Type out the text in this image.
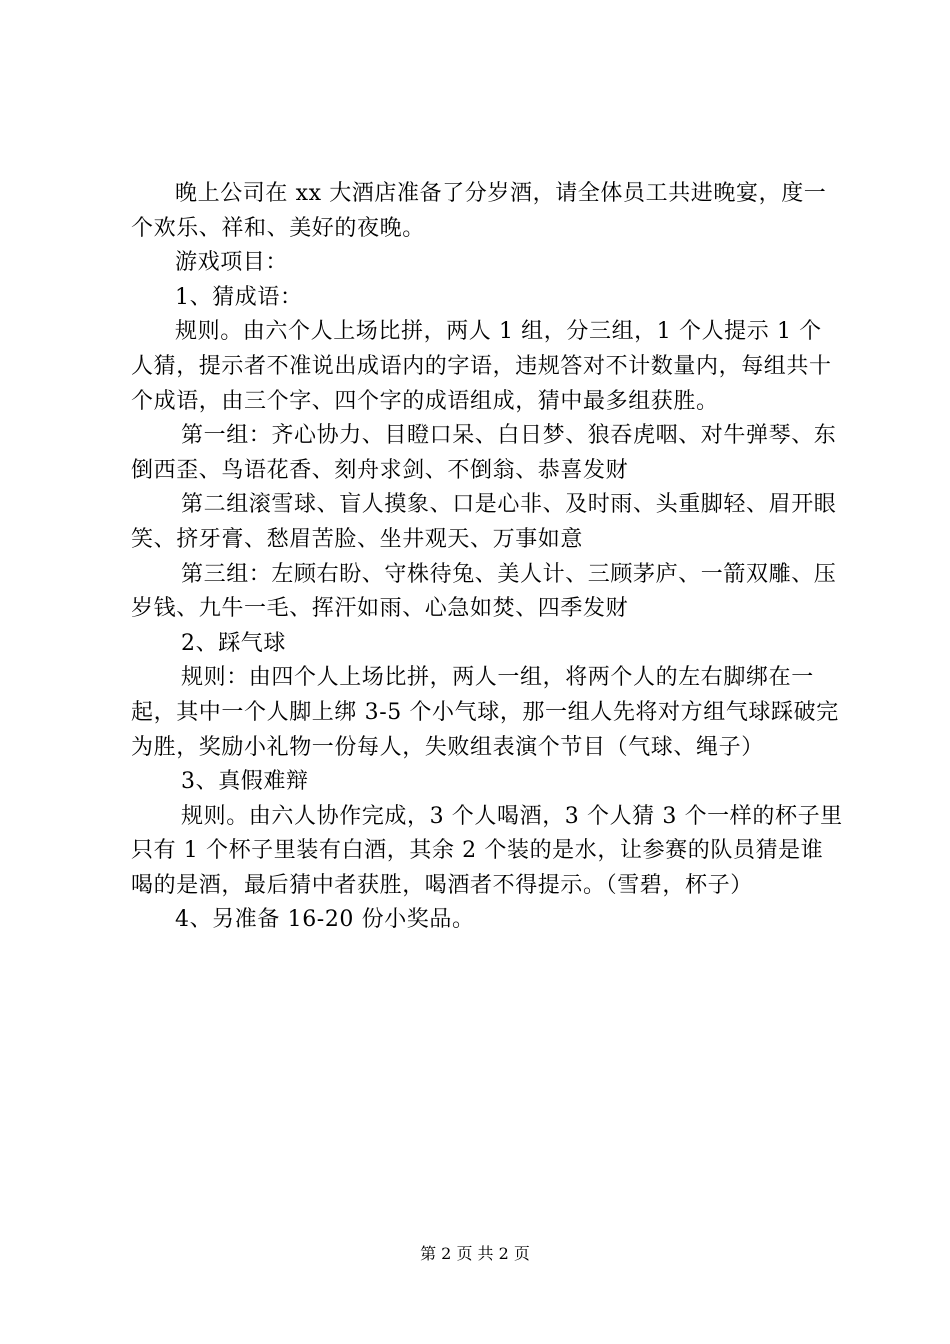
晚上公司在 xx 大酒店准备了分岁酒，请全体员工共进晚宴，度一个欢乐、祥和、美好的夜晚。

游戏项目：

1、猜成语：

规则。由六个人上场比拼，两人 1 组，分三组，1 个人提示 1 个人猜，提示者不准说出成语内的字语，违规答对不计数量内，每组共十个成语，由三个字、四个字的成语组成，猜中最多组获胜。

第一组：齐心协力、目瞪口呆、白日梦、狼吞虎咽、对牛弹琴、东倒西歪、鸟语花香、刻舟求剑、不倒翁、恭喜发财

第二组滚雪球、盲人摸象、口是心非、及时雨、头重脚轻、眉开眼笑、挤牙膏、愁眉苦脸、坐井观天、万事如意

第三组：左顾右盼、守株待兔、美人计、三顾茅庐、一箭双雕、压岁钱、九牛一毛、挥汗如雨、心急如焚、四季发财

2、踩气球

规则：由四个人上场比拼，两人一组，将两个人的左右脚绑在一起，其中一个人脚上绑 3-5 个小气球，那一组人先将对方组气球踩破完为胜，奖励小礼物一份每人，失败组表演个节目（气球、绳子）

3、真假难辩

规则。由六人协作完成，3 个人喝酒，3 个人猜 3 个一样的杯子里只有 1 个杯子里装有白酒，其余 2 个装的是水，让参赛的队员猜是谁喝的是酒，最后猜中者获胜，喝酒者不得提示。（雪碧，杯子）

4、另准备 16-20 份小奖品。

第 2 页 共 2 页
